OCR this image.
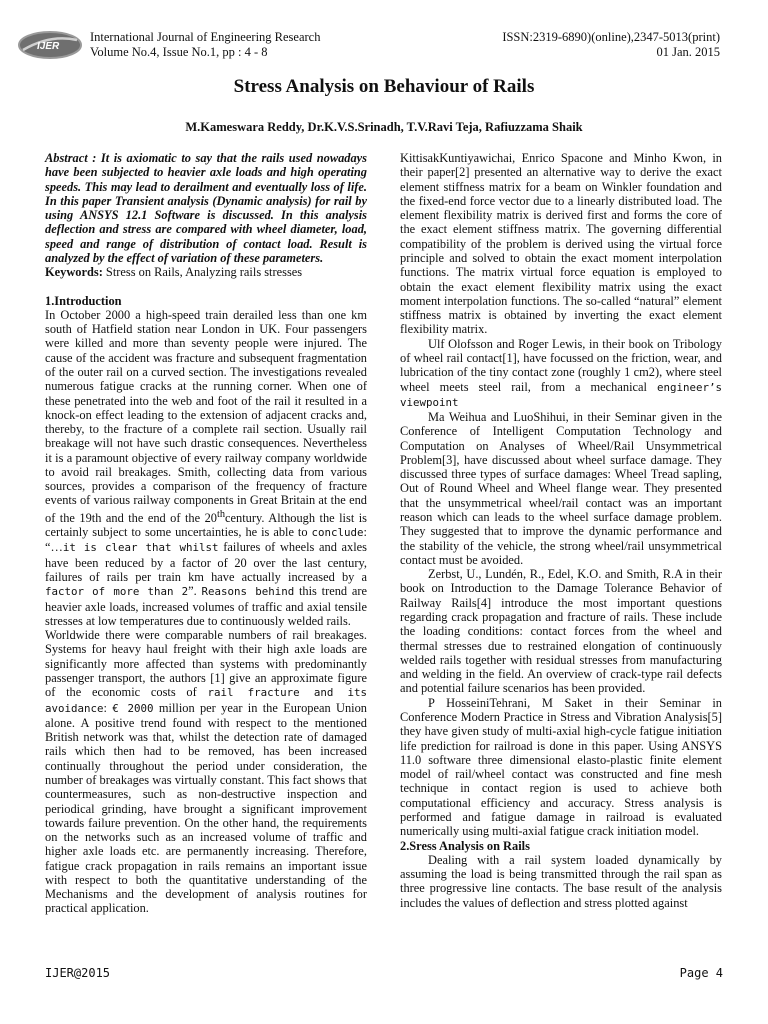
IJER
International Journal of Engineering Research
Volume No.4, Issue No.1, pp : 4 - 8
ISSN:2319-6890)(online),2347-5013(print)
01 Jan. 2015
Stress Analysis on Behaviour of Rails
M.Kameswara Reddy, Dr.K.V.S.Srinadh, T.V.Ravi Teja, Rafiuzzama Shaik

Abstract : It is axiomatic to say that the rails used nowadays have been subjected to heavier axle loads and high operating speeds. This may lead to derailment and eventually loss of life. In this paper Transient analysis (Dynamic analysis) for rail by using ANSYS 12.1 Software is discussed. In this analysis deflection and stress are compared with wheel diameter, load, speed and range of distribution of contact load. Result is analyzed by the effect of variation of these parameters.

Keywords: Stress on Rails, Analyzing rails stresses

1.Introduction

In October 2000 a high-speed train derailed less than one km south of Hatfield station near London in UK. Four passengers were killed and more than seventy people were injured. The cause of the accident was fracture and subsequent fragmentation of the outer rail on a curved section. The investigations revealed numerous fatigue cracks at the running corner. When one of these penetrated into the web and foot of the rail it resulted in a knock-on effect leading to the extension of adjacent cracks and, thereby, to the fracture of a complete rail section. Usually rail breakage will not have such drastic consequences. Nevertheless it is a paramount objective of every railway company worldwide to avoid rail breakages. Smith, collecting data from various sources, provides a comparison of the frequency of fracture events of various railway components in Great Britain at the end of the 19th and the end of the 20thcentury. Although the list is certainly subject to some uncertainties, he is able to conclude: “…it is clear that whilst failures of wheels and axles have been reduced by a factor of 20 over the last century, failures of rails per train km have actually increased by a factor of more than 2”. Reasons behind this trend are heavier axle loads, increased volumes of traffic and axial tensile stresses at low temperatures due to continuously welded rails.

Worldwide there were comparable numbers of rail breakages. Systems for heavy haul freight with their high axle loads are significantly more affected than systems with predominantly passenger transport, the authors [1] give an approximate figure of the economic costs of rail fracture and its avoidance: € 2000 million per year in the European Union alone. A positive trend found with respect to the mentioned British network was that, whilst the detection rate of damaged rails which then had to be removed, has been increased continually throughout the period under consideration, the number of breakages was virtually constant. This fact shows that countermeasures, such as non-destructive inspection and periodical grinding, have brought a significant improvement towards failure prevention. On the other hand, the requirements on the networks such as an increased volume of traffic and higher axle loads etc. are permanently increasing. Therefore, fatigue crack propagation in rails remains an important issue with respect to both the quantitative understanding of the Mechanisms and the development of analysis routines for practical application.

KittisakKuntiyawichai, Enrico Spacone and Minho Kwon, in their paper[2] presented an alternative way to derive the exact element stiffness matrix for a beam on Winkler foundation and the fixed-end force vector due to a linearly distributed load. The element flexibility matrix is derived first and forms the core of the exact element stiffness matrix. The governing differential compatibility of the problem is derived using the virtual force principle and solved to obtain the exact moment interpolation functions. The matrix virtual force equation is employed to obtain the exact element flexibility matrix using the exact moment interpolation functions. The so-called “natural” element stiffness matrix is obtained by inverting the exact element flexibility matrix.

Ulf Olofsson and Roger Lewis, in their book on Tribology of wheel rail contact[1], have focussed on the friction, wear, and lubrication of the tiny contact zone (roughly 1 cm2), where steel wheel meets steel rail, from a mechanical engineer’s viewpoint

Ma Weihua and LuoShihui, in their Seminar given in the Conference of Intelligent Computation Technology and Computation on Analyses of Wheel/Rail Unsymmetrical Problem[3], have discussed about wheel surface damage. They discussed three types of surface damages: Wheel Tread sapling, Out of Round Wheel and Wheel flange wear. They presented that the unsymmetrical wheel/rail contact was an important reason which can leads to the wheel surface damage problem. They suggested that to improve the dynamic performance and the stability of the vehicle, the strong wheel/rail unsymmetrical contact must be avoided.

Zerbst, U., Lundén, R., Edel, K.O. and Smith, R.A in their book on Introduction to the Damage Tolerance Behavior of Railway Rails[4] introduce the most important questions regarding crack propagation and fracture of rails. These include the loading conditions: contact forces from the wheel and thermal stresses due to restrained elongation of continuously welded rails together with residual stresses from manufacturing and welding in the field. An overview of crack-type rail defects and potential failure scenarios has been provided.

P HosseiniTehrani, M Saket in their Seminar in Conference Modern Practice in Stress and Vibration Analysis[5] they have given study of multi-axial high-cycle fatigue initiation life prediction for railroad is done in this paper. Using ANSYS 11.0 software three dimensional elasto-plastic finite element model of rail/wheel contact was constructed and fine mesh technique in contact region is used to achieve both computational efficiency and accuracy. Stress analysis is performed and fatigue damage in railroad is evaluated numerically using multi-axial fatigue crack initiation model.

2.Sress Analysis on Rails

Dealing with a rail system loaded dynamically by assuming the load is being transmitted through the rail span as three progressive line contacts. The base result of the analysis includes the values of deflection and stress plotted against

IJER@2015	Page 4
